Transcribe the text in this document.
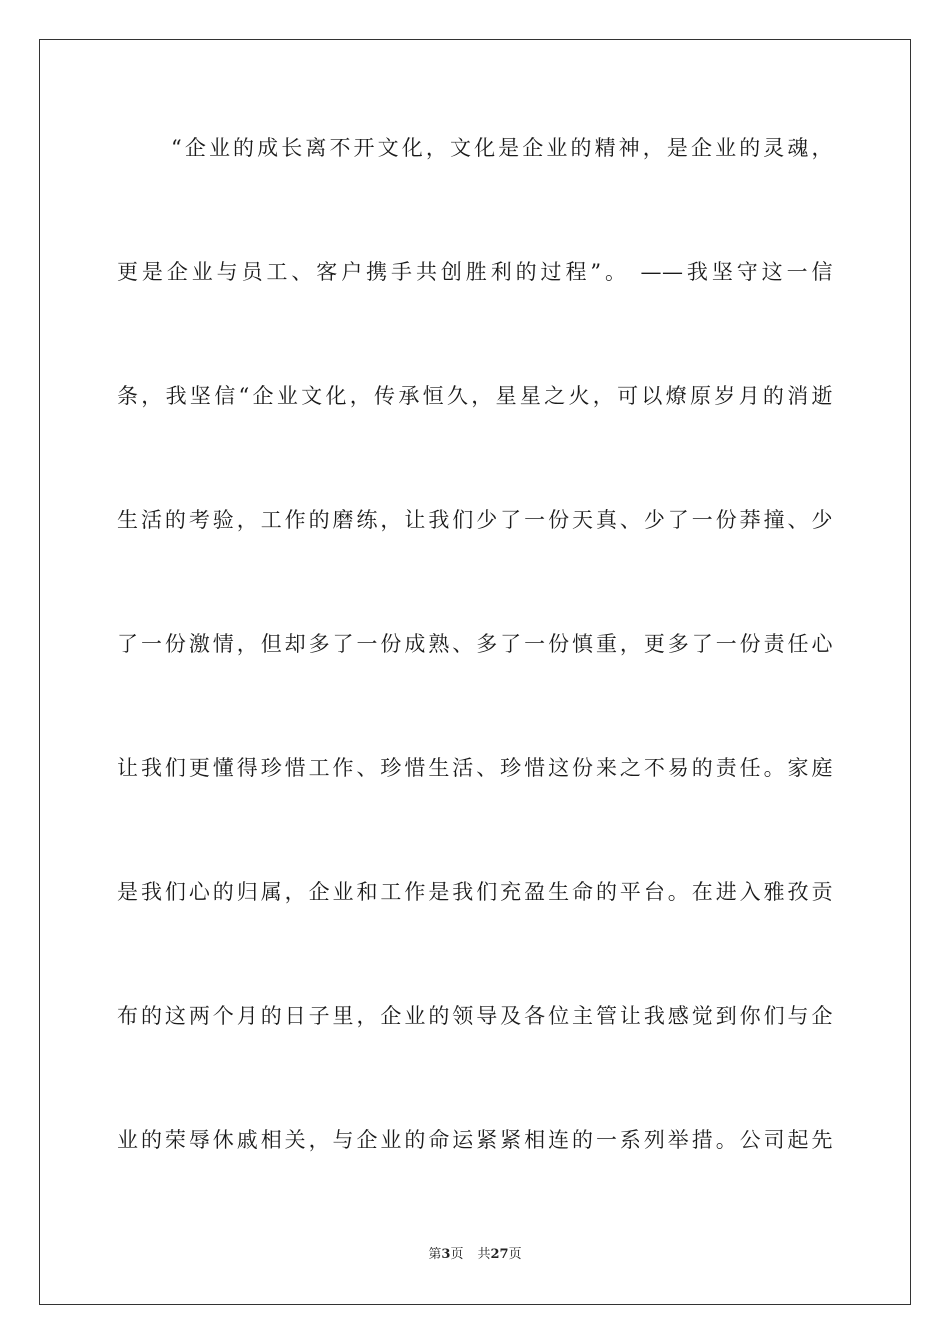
“企业的成长离不开文化，文化是企业的精神，是企业的灵魂，
更是企业与员工、客户携手共创胜利的过程”。 ——我坚守这一信
条，我坚信“企业文化，传承恒久，星星之火，可以燎原岁月的消逝
生活的考验，工作的磨练，让我们少了一份天真、少了一份莽撞、少
了一份激情，但却多了一份成熟、多了一份慎重，更多了一份责任心
让我们更懂得珍惜工作、珍惜生活、珍惜这份来之不易的责任。家庭
是我们心的归属，企业和工作是我们充盈生命的平台。在进入雅孜贡
布的这两个月的日子里，企业的领导及各位主管让我感觉到你们与企
业的荣辱休戚相关，与企业的命运紧紧相连的一系列举措。公司起先
第3页 共27页
